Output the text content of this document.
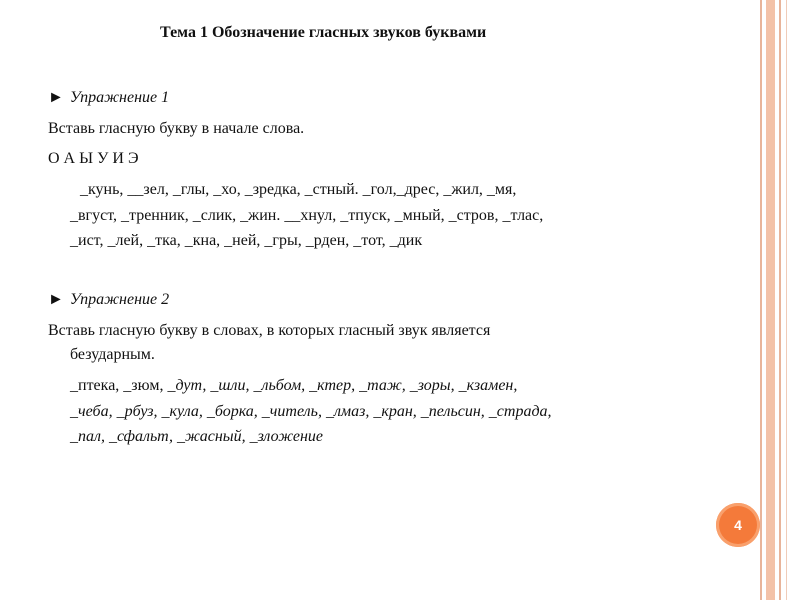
Тема 1 Обозначение гласных звуков буквами
► Упражнение 1
Вставь гласную букву в начале слова.
О А Ы У И Э
_кунь, __зел, _глы, _хо, _зредка, _стный. _гол,_дрес, _жил, _мя,
_вгуст, _тренник, _слик, _жин. __хнул, _тпуск, _мный, _стров, _тлас,
_ист, _лей, _тка, _кна, _ней, _гры, _рден, _тот, _дик
► Упражнение 2
Вставь гласную букву в словах, в которых гласный звук является
безударным.
_птека, _зюм, _дут, _шли, _льбом, _ктер, _таж, _зоры, _кзамен,
_чеба, _рбуз, _кула, _борка, _читель, _лмаз, _кран, _пельсин, _страда,
_пал, _сфальт, _жасный, _зложение
4
